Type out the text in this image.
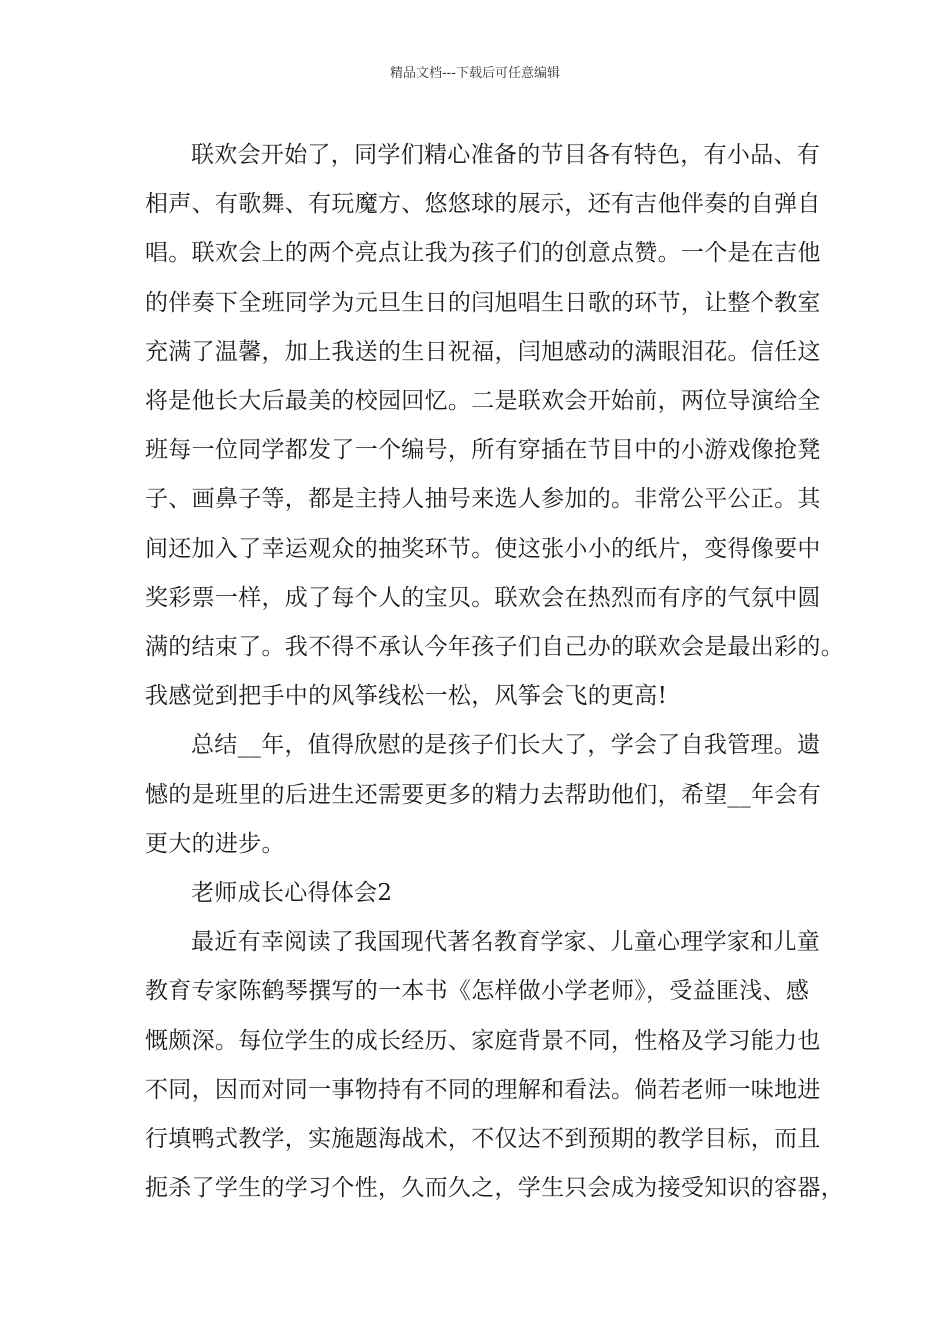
精品文档---下载后可任意编辑
联欢会开始了，同学们精心准备的节目各有特色，有小品、有
相声、有歌舞、有玩魔方、悠悠球的展示，还有吉他伴奏的自弹自
唱。联欢会上的两个亮点让我为孩子们的创意点赞。一个是在吉他
的伴奏下全班同学为元旦生日的闫旭唱生日歌的环节，让整个教室
充满了温馨，加上我送的生日祝福，闫旭感动的满眼泪花。信任这
将是他长大后最美的校园回忆。二是联欢会开始前，两位导演给全
班每一位同学都发了一个编号，所有穿插在节目中的小游戏像抢凳
子、画鼻子等，都是主持人抽号来选人参加的。非常公平公正。其
间还加入了幸运观众的抽奖环节。使这张小小的纸片，变得像要中
奖彩票一样，成了每个人的宝贝。联欢会在热烈而有序的气氛中圆
满的结束了。我不得不承认今年孩子们自己办的联欢会是最出彩的。
我感觉到把手中的风筝线松一松，风筝会飞的更高!
总结__年，值得欣慰的是孩子们长大了，学会了自我管理。遗
憾的是班里的后进生还需要更多的精力去帮助他们，希望__年会有
更大的进步。
老师成长心得体会2
最近有幸阅读了我国现代著名教育学家、儿童心理学家和儿童
教育专家陈鹤琴撰写的一本书《怎样做小学老师》，受益匪浅、感
慨颇深。每位学生的成长经历、家庭背景不同，性格及学习能力也
不同，因而对同一事物持有不同的理解和看法。倘若老师一味地进
行填鸭式教学，实施题海战术，不仅达不到预期的教学目标，而且
扼杀了学生的学习个性，久而久之，学生只会成为接受知识的容器，
